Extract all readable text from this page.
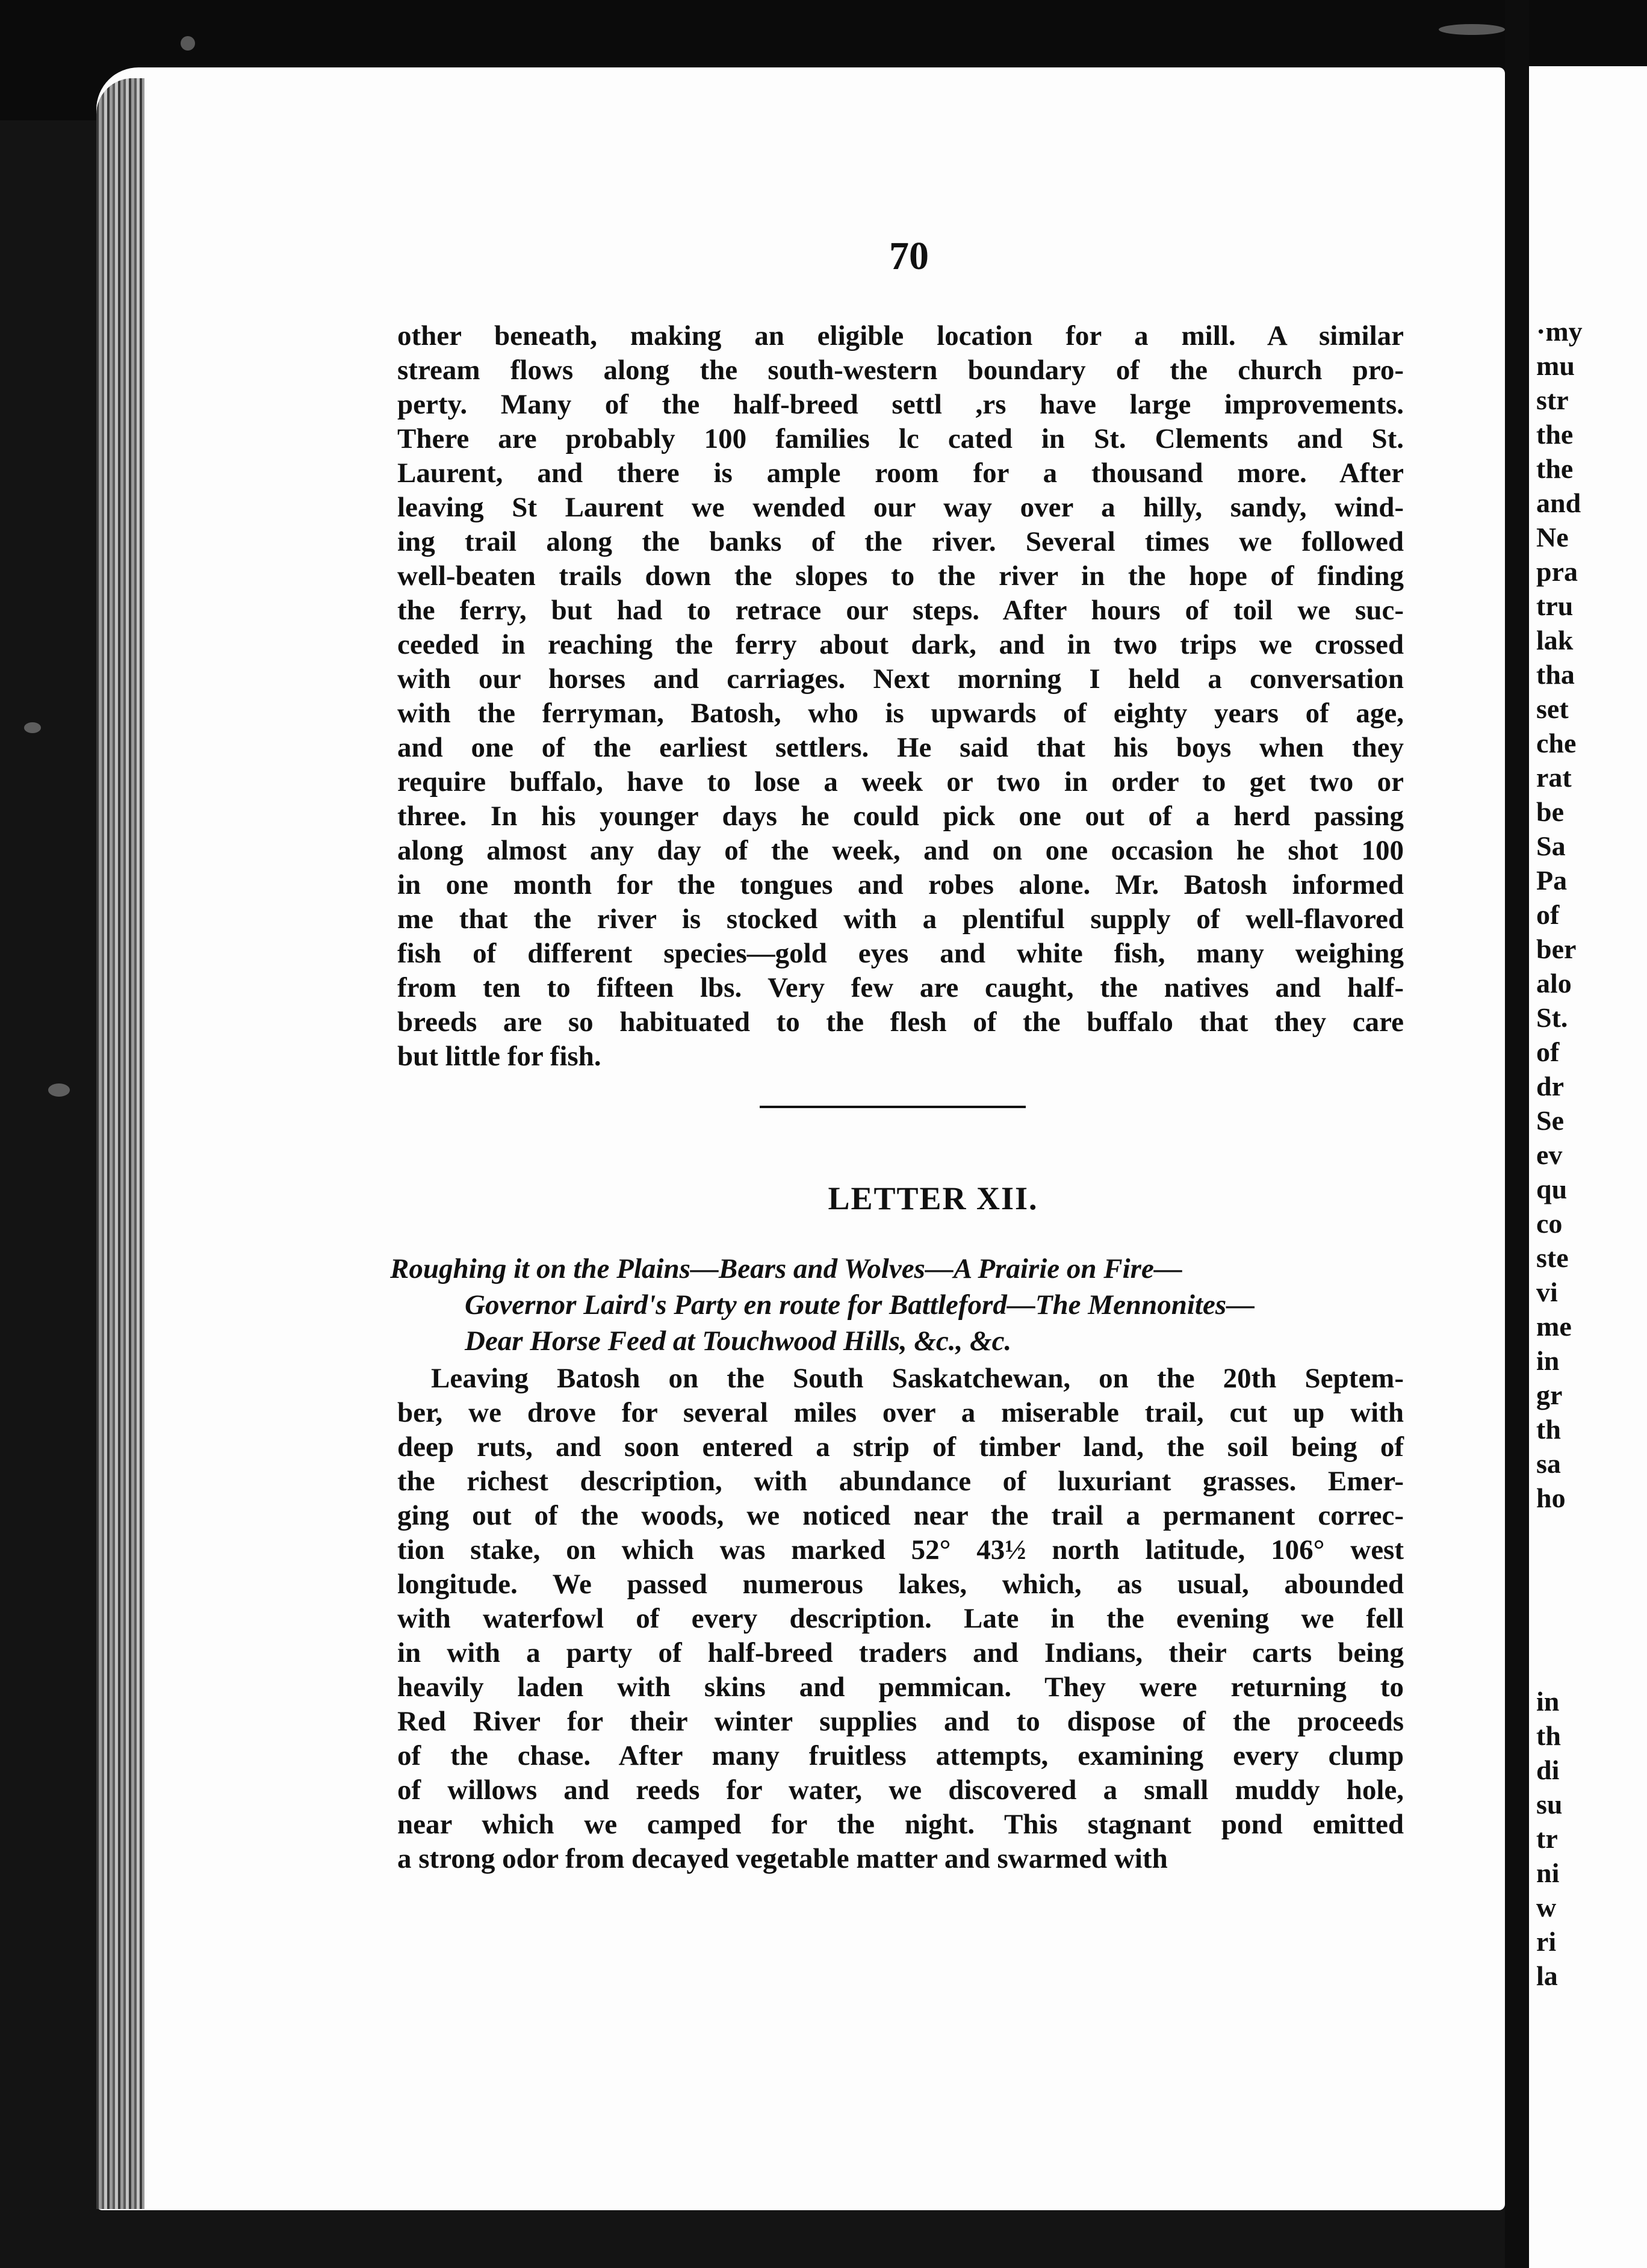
·my
mu
str
the
the
and
Ne
pra
tru
lak
tha
set
che
rat
be
Sa
Pa
of
ber
alo
St.
of
dr
Se
ev
qu
co
ste
vi
me
in
gr
th
sa
ho
in
th
di
su
tr
ni
w
ri
la
70
other beneath, making an eligible location for a mill. A similar
stream flows along the south-western boundary of the church pro-
perty. Many of the half-breed settl ,rs have large improvements.
There are probably 100 families lc cated in St. Clements and St.
Laurent, and there is ample room for a thousand more. After
leaving St Laurent we wended our way over a hilly, sandy, wind-
ing trail along the banks of the river. Several times we followed
well-beaten trails down the slopes to the river in the hope of finding
the ferry, but had to retrace our steps. After hours of toil we suc-
ceeded in reaching the ferry about dark, and in two trips we crossed
with our horses and carriages. Next morning I held a conversation
with the ferryman, Batosh, who is upwards of eighty years of age,
and one of the earliest settlers. He said that his boys when they
require buffalo, have to lose a week or two in order to get two or
three. In his younger days he could pick one out of a herd passing
along almost any day of the week, and on one occasion he shot 100
in one month for the tongues and robes alone. Mr. Batosh informed
me that the river is stocked with a plentiful supply of well-flavored
fish of different species—gold eyes and white fish, many weighing
from ten to fifteen lbs. Very few are caught, the natives and half-
breeds are so habituated to the flesh of the buffalo that they care
but little for fish.
LETTER XII.
Roughing it on the Plains—Bears and Wolves—A Prairie on Fire—
Governor Laird's Party en route for Battleford—The Mennonites—
Dear Horse Feed at Touchwood Hills, &c., &c.
Leaving Batosh on the South Saskatchewan, on the 20th Septem-
ber, we drove for several miles over a miserable trail, cut up with
deep ruts, and soon entered a strip of timber land, the soil being of
the richest description, with abundance of luxuriant grasses. Emer-
ging out of the woods, we noticed near the trail a permanent correc-
tion stake, on which was marked 52° 43½ north latitude, 106° west
longitude. We passed numerous lakes, which, as usual, abounded
with waterfowl of every description. Late in the evening we fell
in with a party of half-breed traders and Indians, their carts being
heavily laden with skins and pemmican. They were returning to
Red River for their winter supplies and to dispose of the proceeds
of the chase. After many fruitless attempts, examining every clump
of willows and reeds for water, we discovered a small muddy hole,
near which we camped for the night. This stagnant pond emitted
a strong odor from decayed vegetable matter and swarmed with
